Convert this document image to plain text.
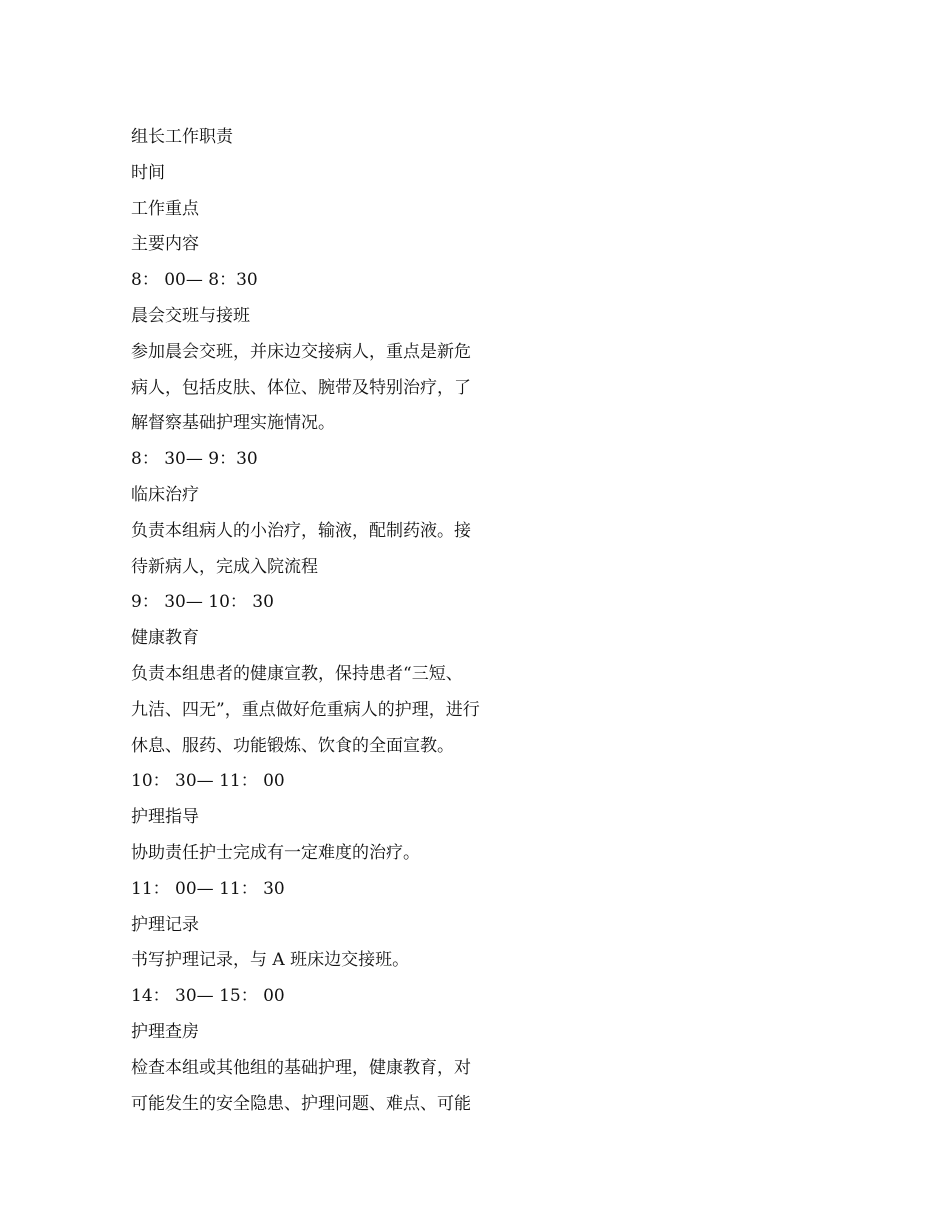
组长工作职责
时间
工作重点
主要内容
8： 00— 8：30
晨会交班与接班
参加晨会交班，并床边交接病人，重点是新危
病人，包括皮肤、体位、腕带及特别治疗，了
解督察基础护理实施情况。
8： 30— 9：30
临床治疗
负责本组病人的小治疗，输液，配制药液。接
待新病人，完成入院流程
9： 30— 10： 30
健康教育
负责本组患者的健康宣教，保持患者“三短、
九洁、四无”，重点做好危重病人的护理，进行
休息、服药、功能锻炼、饮食的全面宣教。
10： 30— 11： 00
护理指导
协助责任护士完成有一定难度的治疗。
11： 00— 11： 30
护理记录
书写护理记录，与 A 班床边交接班。
14： 30— 15： 00
护理查房
检查本组或其他组的基础护理，健康教育，对
可能发生的安全隐患、护理问题、难点、可能
